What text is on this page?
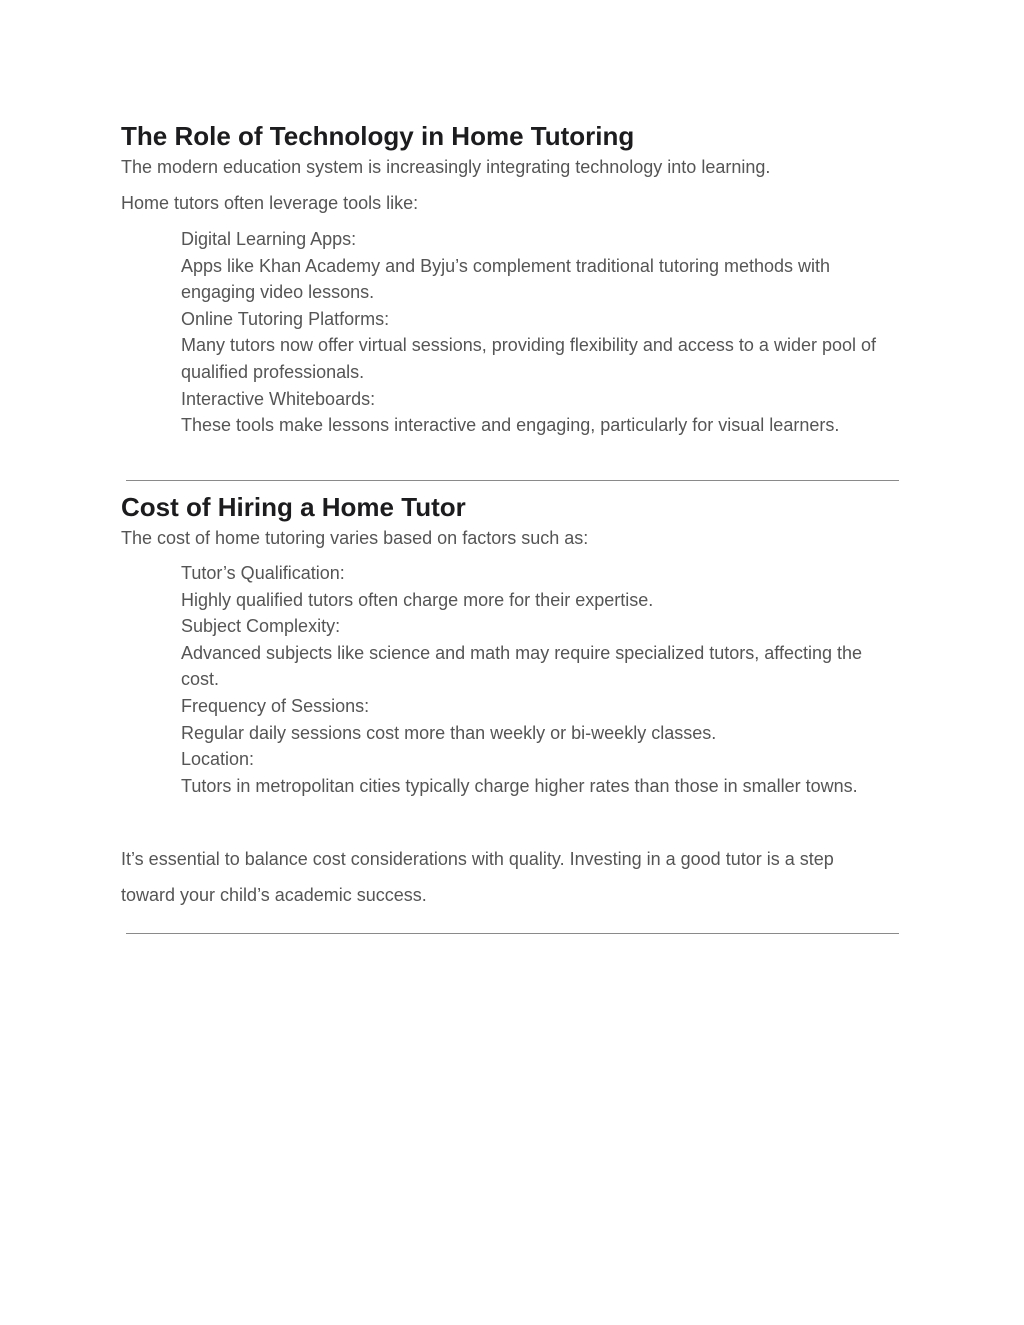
The Role of Technology in Home Tutoring

The modern education system is increasingly integrating technology into learning.

Home tutors often leverage tools like:

Digital Learning Apps:
Apps like Khan Academy and Byju’s complement traditional tutoring methods with engaging video lessons.
Online Tutoring Platforms:
Many tutors now offer virtual sessions, providing flexibility and access to a wider pool of qualified professionals.
Interactive Whiteboards:
These tools make lessons interactive and engaging, particularly for visual learners.
Cost of Hiring a Home Tutor

The cost of home tutoring varies based on factors such as:

Tutor’s Qualification:
Highly qualified tutors often charge more for their expertise.
Subject Complexity:
Advanced subjects like science and math may require specialized tutors, affecting the cost.
Frequency of Sessions:
Regular daily sessions cost more than weekly or bi-weekly classes.
Location:
Tutors in metropolitan cities typically charge higher rates than those in smaller towns.

It’s essential to balance cost considerations with quality. Investing in a good tutor is a step toward your child’s academic success.
